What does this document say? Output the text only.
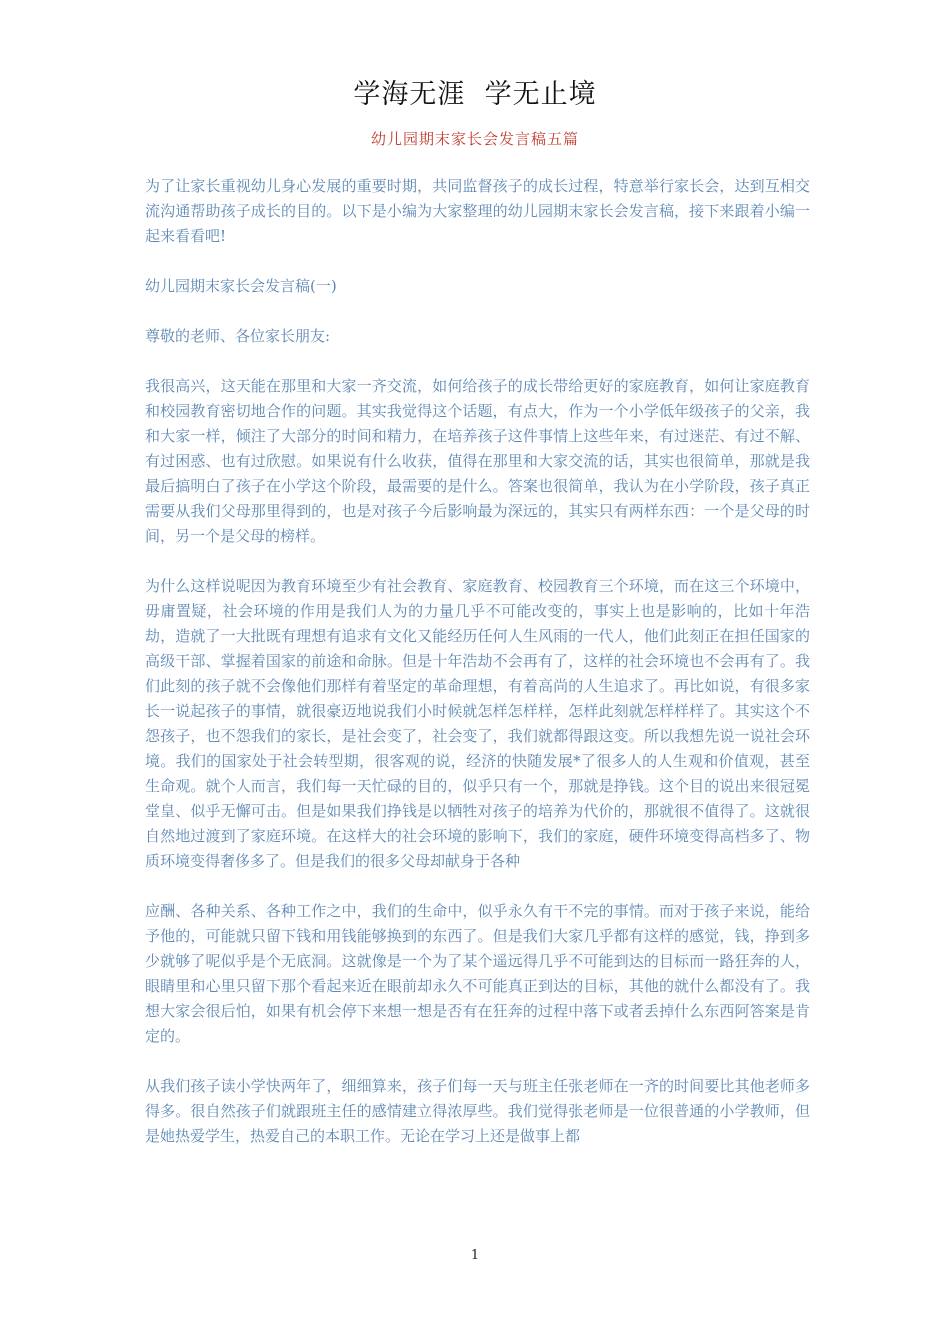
学海无涯  学无止境
幼儿园期末家长会发言稿五篇

为了让家长重视幼儿身心发展的重要时期，共同监督孩子的成长过程，特意举行家长会，达到互相交流沟通帮助孩子成长的目的。以下是小编为大家整理的幼儿园期末家长会发言稿，接下来跟着小编一起来看看吧!

幼儿园期末家长会发言稿(一)

尊敬的老师、各位家长朋友:

我很高兴，这天能在那里和大家一齐交流，如何给孩子的成长带给更好的家庭教育，如何让家庭教育和校园教育密切地合作的问题。其实我觉得这个话题，有点大，作为一个小学低年级孩子的父亲，我和大家一样，倾注了大部分的时间和精力，在培养孩子这件事情上这些年来，有过迷茫、有过不解、有过困惑、也有过欣慰。如果说有什么收获，值得在那里和大家交流的话，其实也很简单，那就是我最后搞明白了孩子在小学这个阶段，最需要的是什么。答案也很简单，我认为在小学阶段，孩子真正需要从我们父母那里得到的，也是对孩子今后影响最为深远的，其实只有两样东西：一个是父母的时间，另一个是父母的榜样。

为什么这样说呢因为教育环境至少有社会教育、家庭教育、校园教育三个环境，而在这三个环境中，毋庸置疑，社会环境的作用是我们人为的力量几乎不可能改变的，事实上也是影响的，比如十年浩劫，造就了一大批既有理想有追求有文化又能经历任何人生风雨的一代人，他们此刻正在担任国家的高级干部、掌握着国家的前途和命脉。但是十年浩劫不会再有了，这样的社会环境也不会再有了。我们此刻的孩子就不会像他们那样有着坚定的革命理想，有着高尚的人生追求了。再比如说，有很多家长一说起孩子的事情，就很豪迈地说我们小时候就怎样怎样样，怎样此刻就怎样样样了。其实这个不怨孩子，也不怨我们的家长，是社会变了，社会变了，我们就都得跟这变。所以我想先说一说社会环境。我们的国家处于社会转型期，很客观的说，经济的快随发展*了很多人的人生观和价值观，甚至生命观。就个人而言，我们每一天忙碌的目的，似乎只有一个，那就是挣钱。这个目的说出来很冠冕堂皇、似乎无懈可击。但是如果我们挣钱是以牺牲对孩子的培养为代价的，那就很不值得了。这就很自然地过渡到了家庭环境。在这样大的社会环境的影响下，我们的家庭，硬件环境变得高档多了、物质环境变得奢侈多了。但是我们的很多父母却献身于各种

应酬、各种关系、各种工作之中，我们的生命中，似乎永久有干不完的事情。而对于孩子来说，能给予他的，可能就只留下钱和用钱能够换到的东西了。但是我们大家几乎都有这样的感觉，钱，挣到多少就够了呢似乎是个无底洞。这就像是一个为了某个遥远得几乎不可能到达的目标而一路狂奔的人，眼睛里和心里只留下那个看起来近在眼前却永久不可能真正到达的目标，其他的就什么都没有了。我想大家会很后怕，如果有机会停下来想一想是否有在狂奔的过程中落下或者丢掉什么东西阿答案是肯定的。

从我们孩子读小学快两年了，细细算来，孩子们每一天与班主任张老师在一齐的时间要比其他老师多得多。很自然孩子们就跟班主任的感情建立得浓厚些。我们觉得张老师是一位很普通的小学教师，但是她热爱学生，热爱自己的本职工作。无论在学习上还是做事上都

1
